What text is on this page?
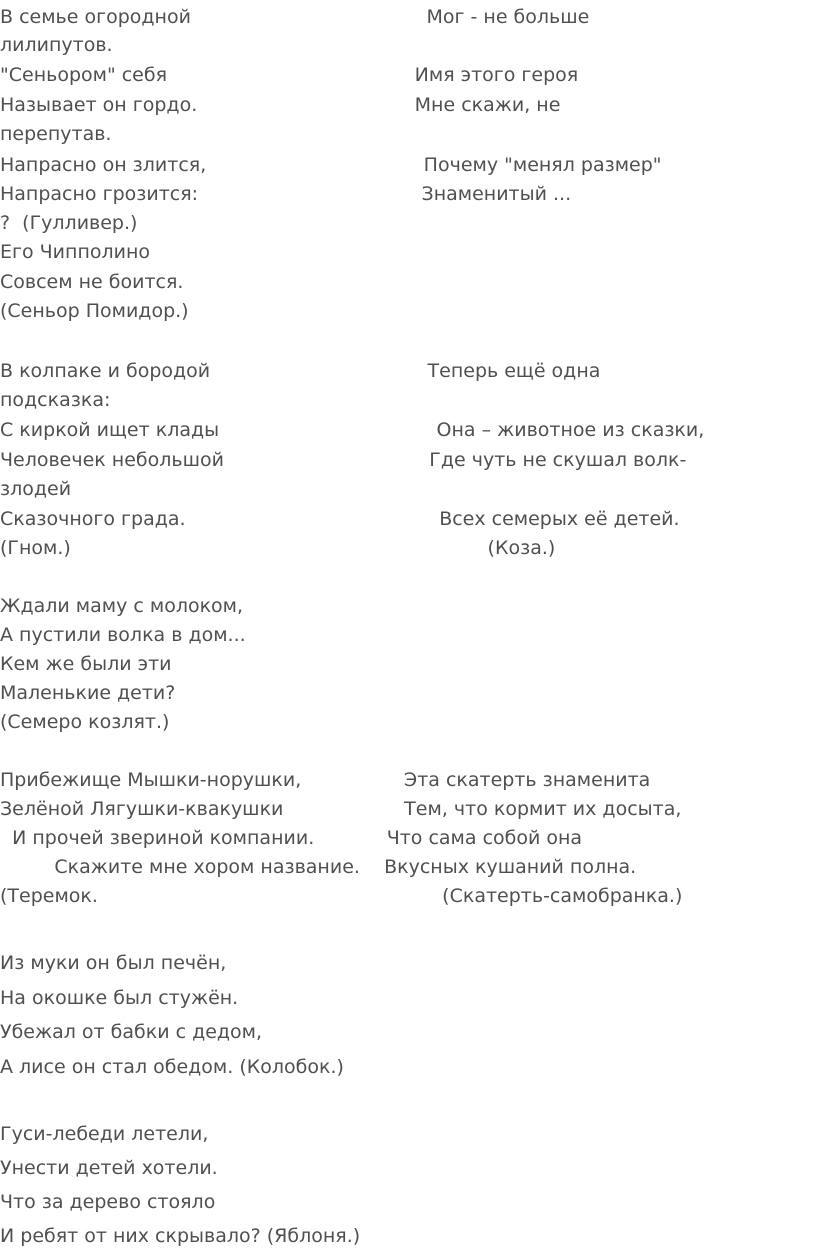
В семье огородной                                       Мог - не больше
лилипутов.
"Сеньором" себя                                         Имя этого героя
Называет он гордо.                                    Мне скажи, не
перепутав.
Напрасно он злится,                                    Почему "менял размер"
Напрасно грозится:                                     Знаменитый ...
?  (Гулливер.)
Его Чипполино
Совсем не боится.
(Сеньор Помидор.)
В колпаке и бородой                                    Теперь ещё одна
подсказка:
С киркой ищет клады                                    Она – животное из сказки,
Человечек небольшой                                  Где чуть не скушал волк-
злодей
Сказочного града.                                          Всех семерых её детей.
(Гном.)                                                                     (Коза.)
Ждали маму с молоком,
А пустили волка в дом...
Кем же были эти
Маленькие дети?
(Семеро козлят.)
Прибежище Мышки-норушки,                 Эта скатерть знаменита
Зелёной Лягушки-квакушки                    Тем, что кормит их досыта,
И прочей звериной компании.            Что сама собой она
Скажите мне хором название.    Вкусных кушаний полна.
(Теремок.                                                         (Скатерть-самобранка.)
Из муки он был печён,
На окошке был стужён.
Убежал от бабки с дедом,
А лисе он стал обедом. (Колобок.)
Гуси-лебеди летели,
Унести детей хотели.
Что за дерево стояло
И ребят от них скрывало? (Яблоня.)
